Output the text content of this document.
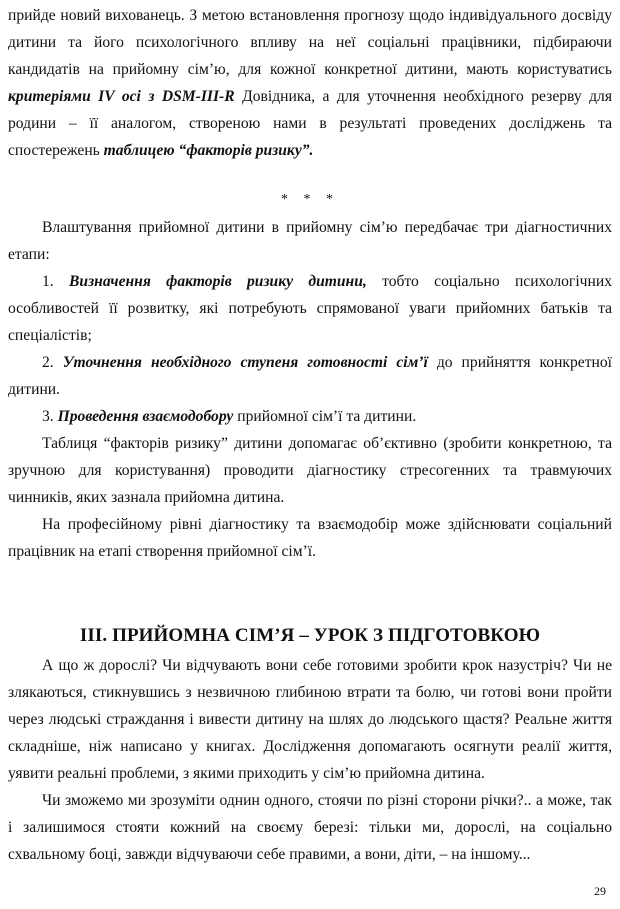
прийде новий вихованець. З метою встановлення прогнозу щодо індивідуального досвіду дитини та його психологічного впливу на неї соціальні працівники, підбираючи кандидатів на прийомну сім’ю, для кожної конкретної дитини, мають користуватись критеріями IV осі з DSM-III-R Довідника, а для уточнення необхідного резерву для родини – її аналогом, створеною нами в результаті проведених досліджень та спостережень таблицею “факторів ризику”.

* * *

Влаштування прийомної дитини в прийомну сім’ю передбачає три діагностичних етапи:

1. Визначення факторів ризику дитини, тобто соціально психологічних особливостей її розвитку, які потребують спрямованої уваги прийомних батьків та спеціалістів;

2. Уточнення необхідного ступеня готовності сім’ї до прийняття конкретної дитини.

3. Проведення взаємодобору прийомної сім’ї та дитини.

Таблиця “факторів ризику” дитини допомагає об’єктивно (зробити конкретною, та зручною для користування) проводити діагностику стресогенних та травмуючих чинників, яких зазнала прийомна дитина.

На професійному рівні діагностику та взаємодобір може здійснювати соціальний працівник на етапі створення прийомної сім’ї.

ІІІ. ПРИЙОМНА СІМ’Я – УРОК З ПІДГОТОВКОЮ

А що ж дорослі? Чи відчувають вони себе готовими зробити крок назустріч? Чи не злякаються, стикнувшись з незвичною глибиною втрати та болю, чи готові вони пройти через людські страждання і вивести дитину на шлях до людського щастя? Реальне життя складніше, ніж написано у книгах. Дослідження допомагають осягнути реалії життя, уявити реальні проблеми, з якими приходить у сім’ю прийомна дитина.

Чи зможемо ми зрозуміти однин одного, стоячи по різні сторони річки?.. а може, так і залишимося стояти кожний на своєму березі: тільки ми, дорослі, на соціально схвальному боці, завжди відчуваючи себе правими, а вони, діти, – на іншому...

29
